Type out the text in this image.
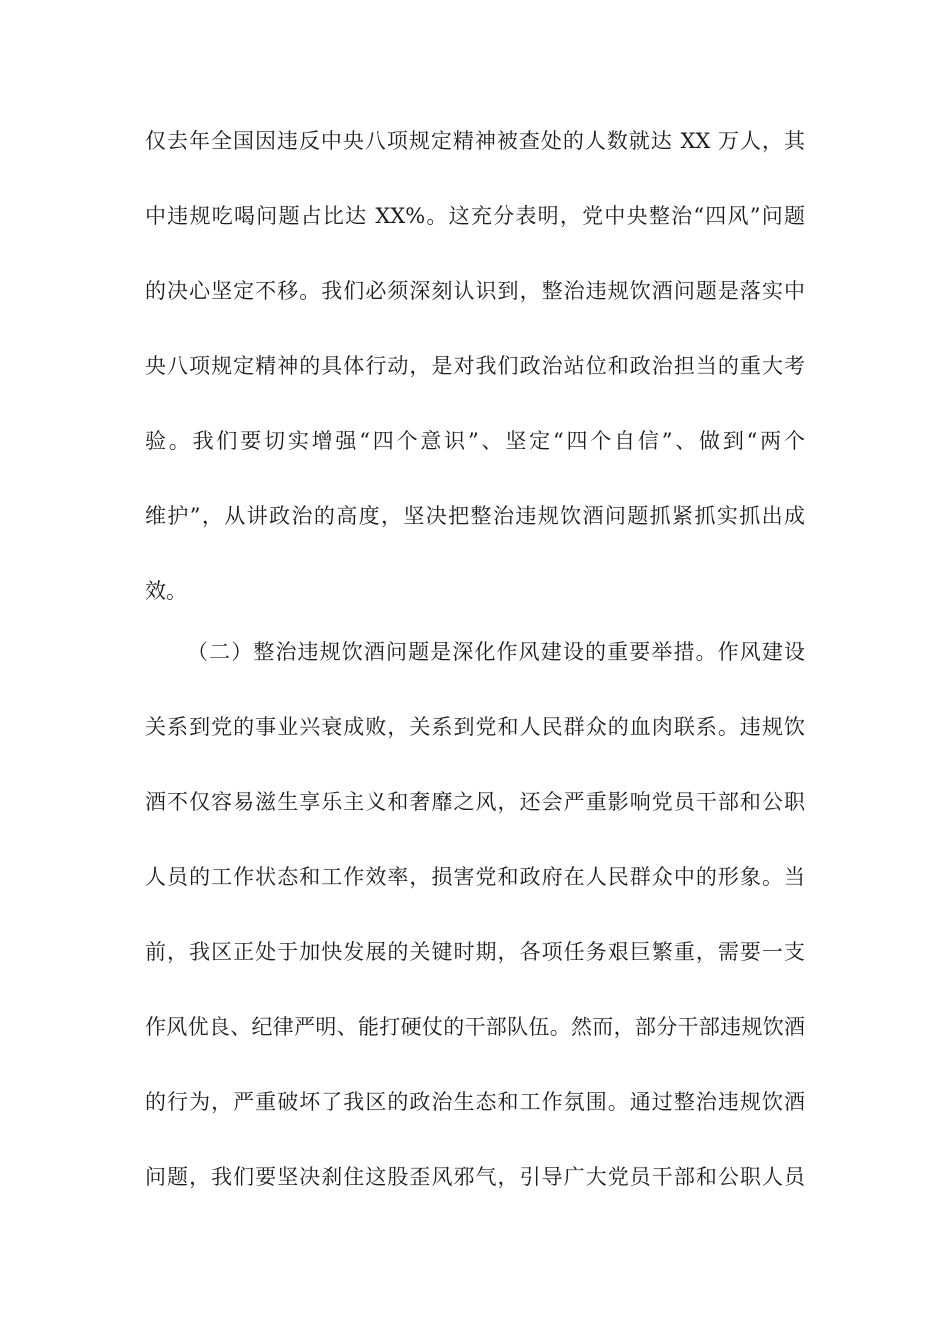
仅去年全国因违反中央八项规定精神被查处的人数就达 XX 万人，其
中违规吃喝问题占比达 XX%。这充分表明，党中央整治“四风”问题
的决心坚定不移。我们必须深刻认识到，整治违规饮酒问题是落实中
央八项规定精神的具体行动，是对我们政治站位和政治担当的重大考
验。我们要切实增强“四个意识”、坚定“四个自信”、做到“两个
维护”，从讲政治的高度，坚决把整治违规饮酒问题抓紧抓实抓出成
效。
（二）整治违规饮酒问题是深化作风建设的重要举措。作风建设
关系到党的事业兴衰成败，关系到党和人民群众的血肉联系。违规饮
酒不仅容易滋生享乐主义和奢靡之风，还会严重影响党员干部和公职
人员的工作状态和工作效率，损害党和政府在人民群众中的形象。当
前，我区正处于加快发展的关键时期，各项任务艰巨繁重，需要一支
作风优良、纪律严明、能打硬仗的干部队伍。然而，部分干部违规饮酒
的行为，严重破坏了我区的政治生态和工作氛围。通过整治违规饮酒
问题，我们要坚决刹住这股歪风邪气，引导广大党员干部和公职人员
